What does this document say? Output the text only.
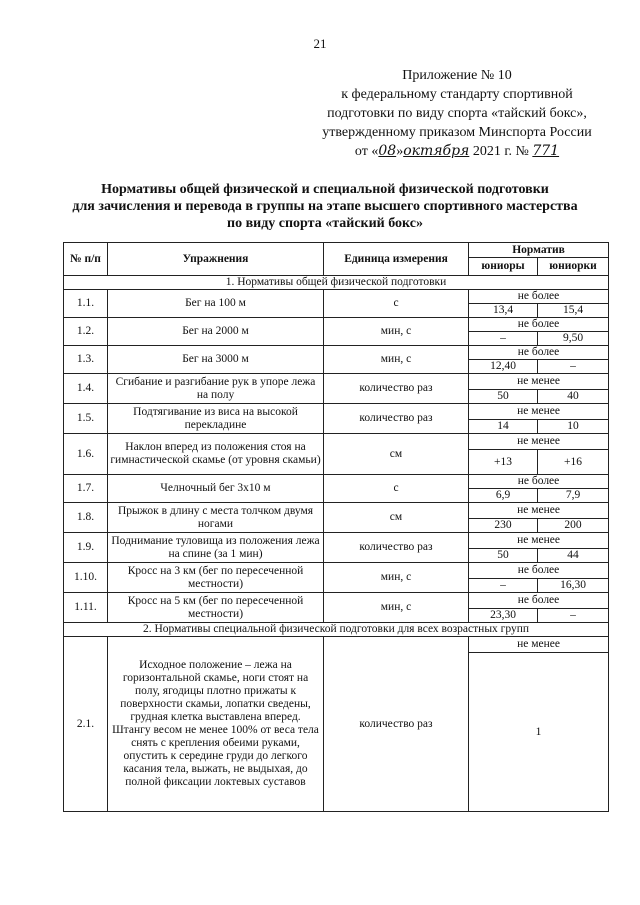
21
Приложение № 10
к федеральному стандарту спортивной
подготовки по виду спорта «тайский бокс»,
утвержденному приказом Минспорта России
от «08»октября 2021 г. № 771
Нормативы общей физической и специальной физической подготовки
для зачисления и перевода в группы на этапе высшего спортивного мастерства
по виду спорта «тайский бокс»
№ п/п	Упражнения	Единица измерения	Норматив	
			юниоры	юниорки
1. Нормативы общей физической подготовки				
1.1.	Бег на 100 м	с	не более	
			13,4	15,4
1.2.	Бег на 2000 м	мин, с	не более	
			–	9,50
1.3.	Бег на 3000 м	мин, с	не более	
			12,40	–
1.4.	Сгибание и разгибание рук в упоре лежа на полу	количество раз	не менее	
			50	40
1.5.	Подтягивание из виса на высокой перекладине	количество раз	не менее	
			14	10
1.6.	Наклон вперед из положения стоя на гимнастической скамье (от уровня скамьи)	см	не менее	
			+13	+16
1.7.	Челночный бег 3х10 м	с	не более	
			6,9	7,9
1.8.	Прыжок в длину с места толчком двумя ногами	см	не менее	
			230	200
1.9.	Поднимание туловища из положения лежа на спине (за 1 мин)	количество раз	не менее	
			50	44
1.10.	Кросс на 3 км (бег по пересеченной местности)	мин, с	не более	
			–	16,30
1.11.	Кросс на 5 км (бег по пересеченной местности)	мин, с	не более	
			23,30	–
2. Нормативы специальной физической подготовки для всех возрастных групп				
2.1.	Исходное положение – лежа на горизонтальной скамье, ноги стоят на полу, ягодицы плотно прижаты к поверхности скамьи, лопатки сведены, грудная клетка выставлена вперед. Штангу весом не менее 100% от веса тела снять с крепления обеими руками, опустить к середине груди до легкого касания тела, выжать, не выдыхая, до полной фиксации локтевых суставов	количество раз	не менее	
			1	
